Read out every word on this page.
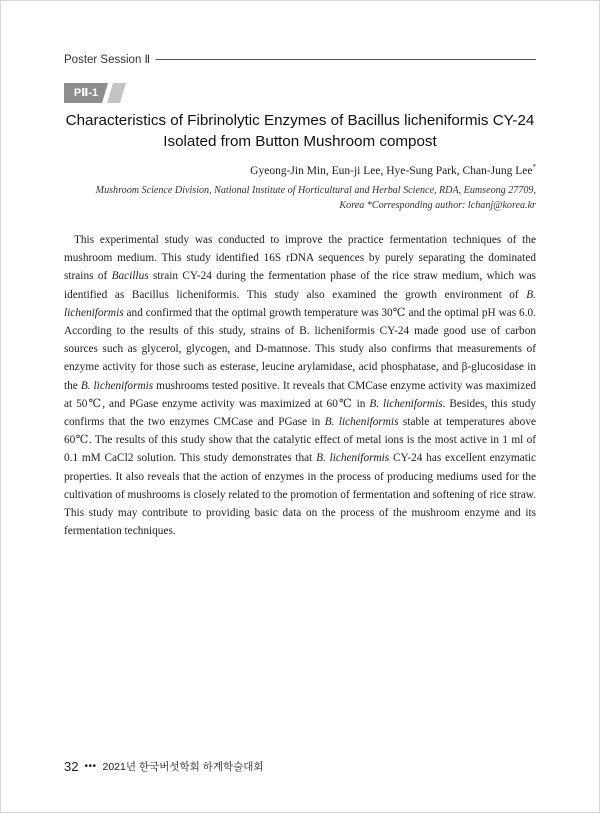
Poster Session Ⅱ
PⅡ-1
Characteristics of Fibrinolytic Enzymes of Bacillus licheniformis CY-24
Isolated from Button Mushroom compost
Gyeong-Jin Min, Eun-ji Lee, Hye-Sung Park, Chan-Jung Lee*
Mushroom Science Division, National Institute of Horticultural and Herbal Science, RDA, Eumseong 27709,
Korea *Corresponding author: lchanj@korea.kr

This experimental study was conducted to improve the practice fermentation techniques of the mushroom medium. This study identified 16S rDNA sequences by purely separating the dominated strains of Bacillus strain CY-24 during the fermentation phase of the rice straw medium, which was identified as Bacillus licheniformis. This study also examined the growth environment of B. licheniformis and confirmed that the optimal growth temperature was 30℃ and the optimal pH was 6.0. According to the results of this study, strains of B. licheniformis CY-24 made good use of carbon sources such as glycerol, glycogen, and D-mannose. This study also confirms that measurements of enzyme activity for those such as esterase, leucine arylamidase, acid phosphatase, and β-glucosidase in the B. licheniformis mushrooms tested positive. It reveals that CMCase enzyme activity was maximized at 50℃, and PGase enzyme activity was maximized at 60℃ in B. licheniformis. Besides, this study confirms that the two enzymes CMCase and PGase in B. licheniformis stable at temperatures above 60℃. The results of this study show that the catalytic effect of metal ions is the most active in 1 ml of 0.1 mM CaCl2 solution. This study demonstrates that B. licheniformis CY-24 has excellent enzymatic properties. It also reveals that the action of enzymes in the process of producing mediums used for the cultivation of mushrooms is closely related to the promotion of fermentation and softening of rice straw. This study may contribute to providing basic data on the process of the mushroom enzyme and its fermentation techniques.

32 ••• 2021년 한국버섯학회 하계학술대회
